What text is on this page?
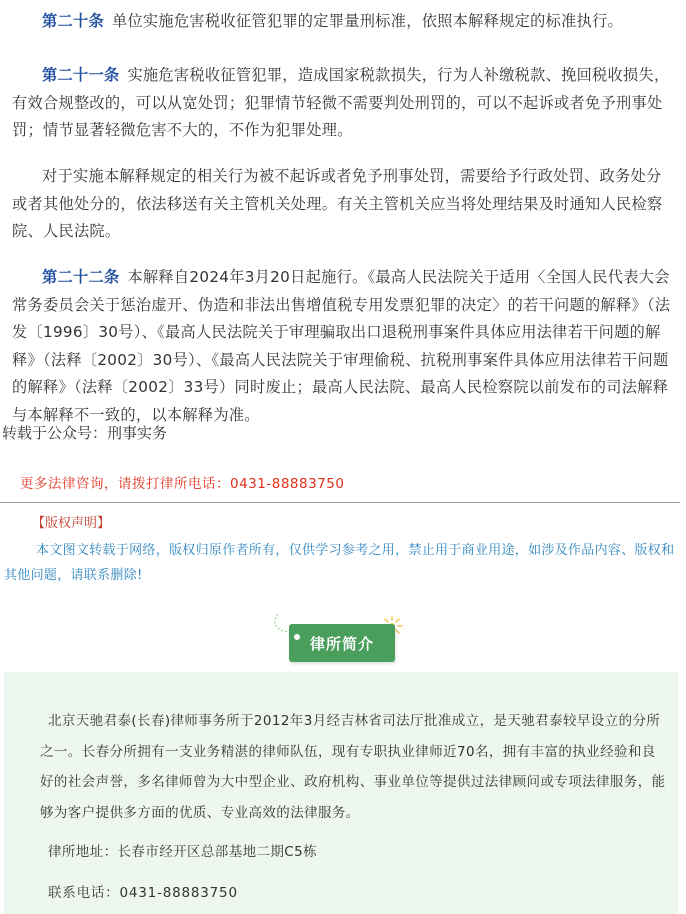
第二十条 单位实施危害税收征管犯罪的定罪量刑标准，依照本解释规定的标准执行。
第二十一条 实施危害税收征管犯罪，造成国家税款损失，行为人补缴税款、挽回税收损失，有效合规整改的，可以从宽处罚；犯罪情节轻微不需要判处刑罚的，可以不起诉或者免予刑事处罚；情节显著轻微危害不大的，不作为犯罪处理。
对于实施本解释规定的相关行为被不起诉或者免予刑事处罚，需要给予行政处罚、政务处分或者其他处分的，依法移送有关主管机关处理。有关主管机关应当将处理结果及时通知人民检察院、人民法院。
第二十二条 本解释自2024年3月20日起施行。《最高人民法院关于适用〈全国人民代表大会常务委员会关于惩治虚开、伪造和非法出售增值税专用发票犯罪的决定〉的若干问题的解释》（法发〔1996〕30号）、《最高人民法院关于审理骗取出口退税刑事案件具体应用法律若干问题的解释》（法释〔2002〕30号）、《最高人民法院关于审理偷税、抗税刑事案件具体应用法律若干问题的解释》（法释〔2002〕33号）同时废止；最高人民法院、最高人民检察院以前发布的司法解释与本解释不一致的，以本解释为准。
转载于公众号：刑事实务
更多法律咨询，请拨打律所电话：0431-88883750
【版权声明】
本文图文转载于网络，版权归原作者所有，仅供学习参考之用，禁止用于商业用途，如涉及作品内容、版权和其他问题，请联系删除!
律所简介
北京天驰君泰(长春)律师事务所于2012年3月经吉林省司法厅批准成立，是天驰君泰较早设立的分所之一。长春分所拥有一支业务精湛的律师队伍，现有专职执业律师近70名，拥有丰富的执业经验和良好的社会声誉，多名律师曾为大中型企业、政府机构、事业单位等提供过法律顾问或专项法律服务，能够为客户提供多方面的优质、专业高效的法律服务。
律所地址：长春市经开区总部基地二期C5栋
联系电话：0431-88883750
